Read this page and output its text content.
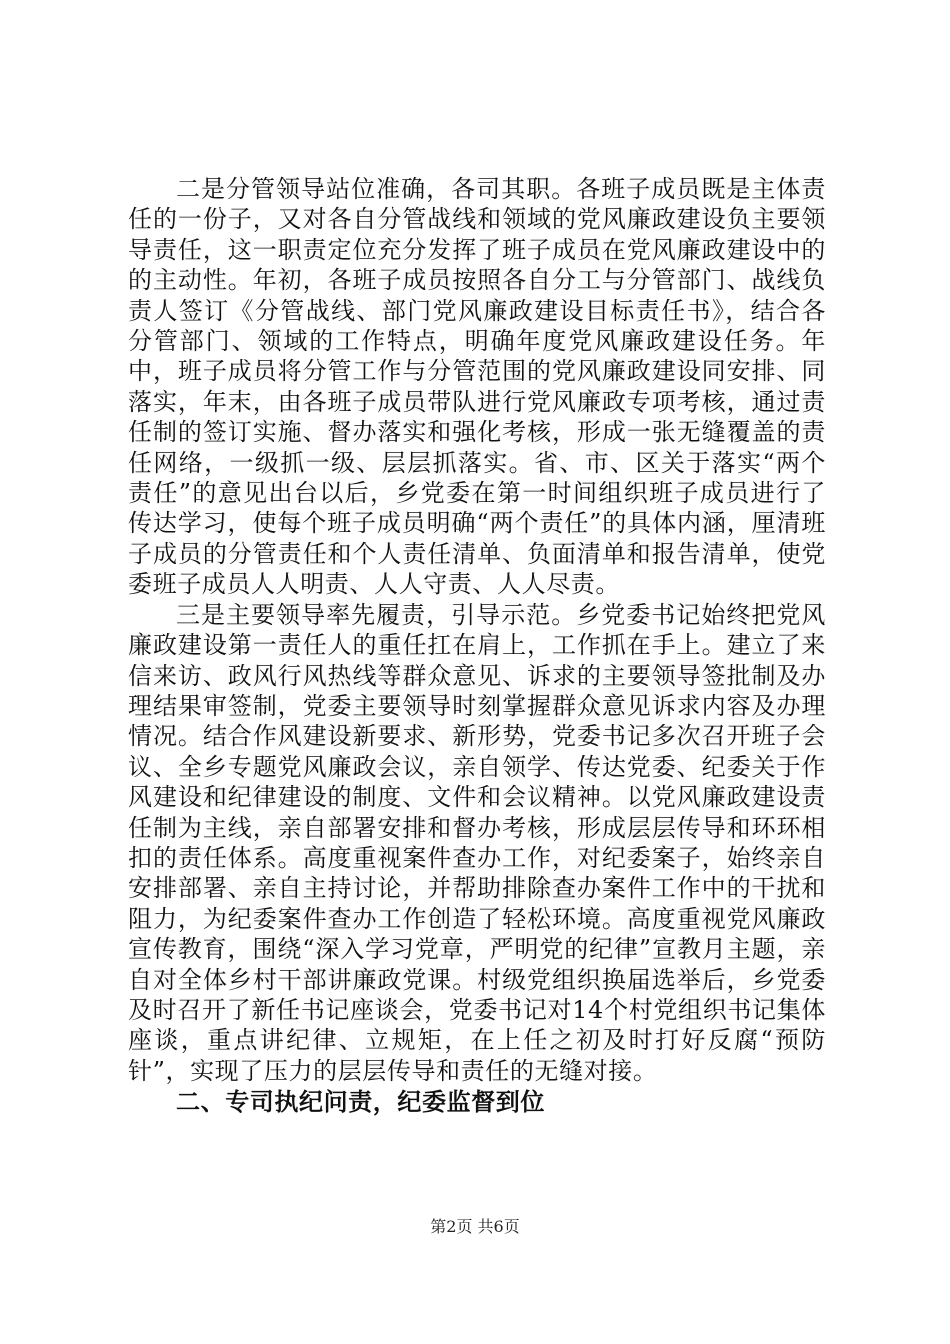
二是分管领导站位准确，各司其职。各班子成员既是主体责任的一份子，又对各自分管战线和领域的党风廉政建设负主要领导责任，这一职责定位充分发挥了班子成员在党风廉政建设中的的主动性。年初，各班子成员按照各自分工与分管部门、战线负责人签订《分管战线、部门党风廉政建设目标责任书》，结合各分管部门、领域的工作特点，明确年度党风廉政建设任务。年中，班子成员将分管工作与分管范围的党风廉政建设同安排、同落实，年末，由各班子成员带队进行党风廉政专项考核，通过责任制的签订实施、督办落实和强化考核，形成一张无缝覆盖的责任网络，一级抓一级、层层抓落实。省、市、区关于落实“两个责任”的意见出台以后，乡党委在第一时间组织班子成员进行了传达学习，使每个班子成员明确“两个责任”的具体内涵，厘清班子成员的分管责任和个人责任清单、负面清单和报告清单，使党委班子成员人人明责、人人守责、人人尽责。

三是主要领导率先履责，引导示范。乡党委书记始终把党风廉政建设第一责任人的重任扛在肩上，工作抓在手上。建立了来信来访、政风行风热线等群众意见、诉求的主要领导签批制及办理结果审签制，党委主要领导时刻掌握群众意见诉求内容及办理情况。结合作风建设新要求、新形势，党委书记多次召开班子会议、全乡专题党风廉政会议，亲自领学、传达党委、纪委关于作风建设和纪律建设的制度、文件和会议精神。以党风廉政建设责任制为主线，亲自部署安排和督办考核，形成层层传导和环环相扣的责任体系。高度重视案件查办工作，对纪委案子，始终亲自安排部署、亲自主持讨论，并帮助排除查办案件工作中的干扰和阻力，为纪委案件查办工作创造了轻松环境。高度重视党风廉政宣传教育，围绕“深入学习党章，严明党的纪律”宣教月主题，亲自对全体乡村干部讲廉政党课。村级党组织换届选举后，乡党委及时召开了新任书记座谈会，党委书记对14个村党组织书记集体座谈，重点讲纪律、立规矩，在上任之初及时打好反腐“预防针”，实现了压力的层层传导和责任的无缝对接。

二、专司执纪问责，纪委监督到位
第2页 共6页
